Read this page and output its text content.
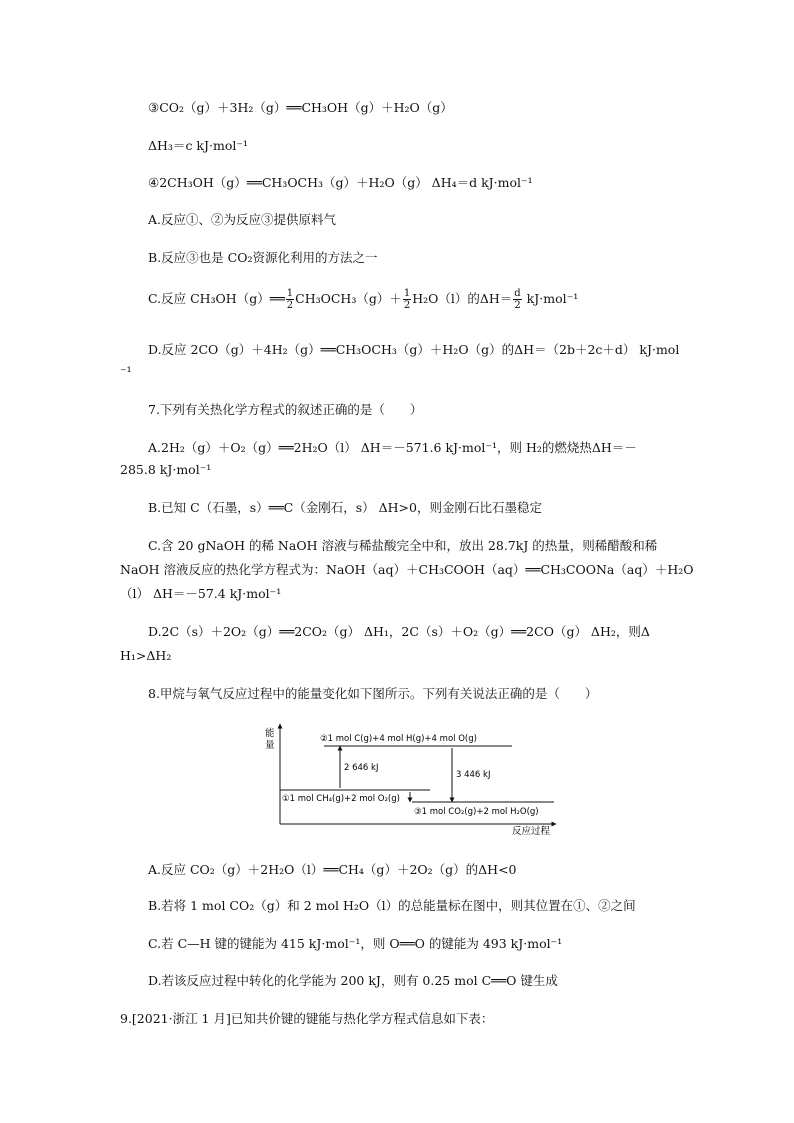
③CO₂（g）＋3H₂（g）══CH₃OH（g）＋H₂O（g）
ΔH₃＝c kJ·mol⁻¹
④2CH₃OH（g）══CH₃OCH₃（g）＋H₂O（g） ΔH₄＝d kJ·mol⁻¹
A.反应①、②为反应③提供原料气
B.反应③也是 CO₂资源化利用的方法之一
C.反应 CH₃OH（g）══ $\frac{1}{2} CH_3OCH_3(g)+ \frac{1}{2} H_2O(l)$的$\Delta H= \frac{d}{2} kJ\cdot mol^{-1}$
D.反应 2CO（g）＋4H₂（g）══CH₃OCH₃（g）＋H₂O（g）的ΔH＝（2b＋2c＋d） kJ·mol
⁻¹
7.下列有关热化学方程式的叙述正确的是（　　）
A.2H₂（g）＋O₂（g）══2H₂O（l） ΔH＝－571.6 kJ·mol⁻¹，则 H₂的燃烧热ΔH＝－
285.8 kJ·mol⁻¹
B.已知 C（石墨，s）══C（金刚石，s） ΔH>0，则金刚石比石墨稳定
C.含 20 gNaOH 的稀 NaOH 溶液与稀盐酸完全中和，放出 28.7kJ 的热量，则稀醋酸和稀
NaOH 溶液反应的热化学方程式为：NaOH（aq）＋CH₃COOH（aq）══CH₃COONa（aq）＋H₂O
（l） ΔH＝－57.4 kJ·mol⁻¹
D.2C（s）＋2O₂（g）══2CO₂（g） ΔH₁，2C（s）＋O₂（g）══2CO（g） ΔH₂，则Δ
H₁>ΔH₂
8.甲烷与氧气反应过程中的能量变化如下图所示。下列有关说法正确的是（　　）
能
量
反应过程
②1 mol C(g)+4 mol H(g)+4 mol O(g)
①1 mol CH₄(g)+2 mol O₂(g)
③1 mol CO₂(g)+2 mol H₂O(g)
2 646 kJ
3 446 kJ
A.反应 CO₂（g）＋2H₂O（l）══CH₄（g）＋2O₂（g）的ΔH<0
B.若将 1 mol CO₂（g）和 2 mol H₂O（l）的总能量标在图中，则其位置在①、②之间
C.若 C—H 键的键能为 415 kJ·mol⁻¹，则 O══O 的键能为 493 kJ·mol⁻¹
D.若该反应过程中转化的化学能为 200 kJ，则有 0.25 mol C══O 键生成
9.[2021·浙江 1 月]已知共价键的键能与热化学方程式信息如下表：
